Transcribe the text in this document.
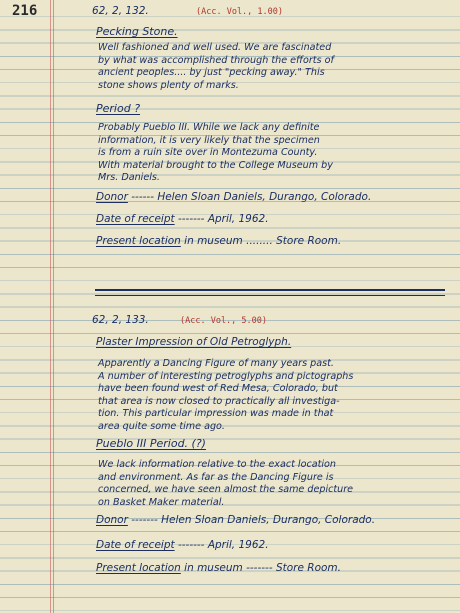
216	62, 2, 132.	(Acc. Vol., 1.00)
Pecking Stone.
Well fashioned and well used. We are fascinated
by what was accomplished through the efforts of
ancient peoples.... by just "pecking away." This
stone shows plenty of marks.
Period ?
Probably Pueblo III. While we lack any definite
information, it is very likely that the specimen
is from a ruin site over in Montezuma County.
With material brought to the College Museum by
Mrs. Daniels.
Donor ------ Helen Sloan Daniels, Durango, Colorado.
Date of receipt ------- April, 1962.
Present location in museum ........ Store Room.
62, 2, 133.	(Acc. Vol., 5.00)
Plaster Impression of Old Petroglyph.
Apparently a Dancing Figure of many years past.
A number of interesting petroglyphs and pictographs
have been found west of Red Mesa, Colorado, but
that area is now closed to practically all investiga-
tion. This particular impression was made in that
area quite some time ago.
Pueblo III Period. (?)
We lack information relative to the exact location
and environment. As far as the Dancing Figure is
concerned, we have seen almost the same depicture
on Basket Maker material.
Donor ------- Helen Sloan Daniels, Durango, Colorado.
Date of receipt ------- April, 1962.
Present location in museum ------- Store Room.
